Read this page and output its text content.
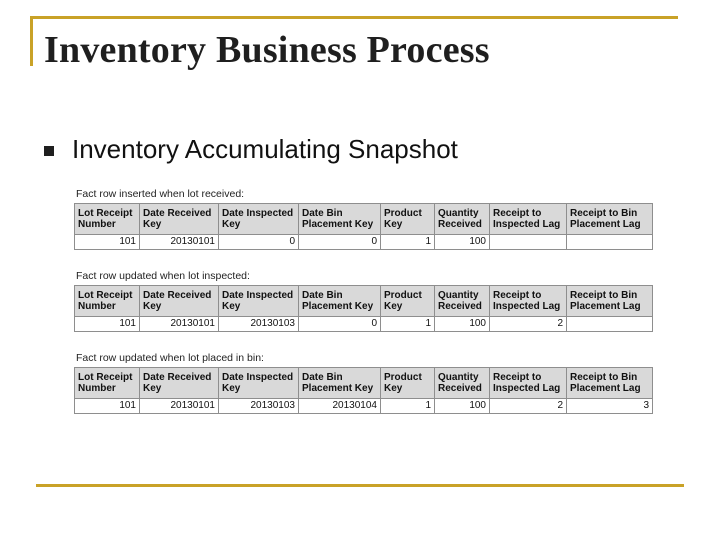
Inventory Business Process
Inventory Accumulating Snapshot
Fact row inserted when lot received:
Lot Receipt Number	Date Received Key	Date Inspected Key	Date Bin Placement Key	Product Key	Quantity Received	Receipt to Inspected Lag	Receipt to Bin Placement Lag
101	20130101	0	0	1	100		
Fact row updated when lot inspected:
Lot Receipt Number	Date Received Key	Date Inspected Key	Date Bin Placement Key	Product Key	Quantity Received	Receipt to Inspected Lag	Receipt to Bin Placement Lag
101	20130101	20130103	0	1	100	2	
Fact row updated when lot placed in bin:
Lot Receipt Number	Date Received Key	Date Inspected Key	Date Bin Placement Key	Product Key	Quantity Received	Receipt to Inspected Lag	Receipt to Bin Placement Lag
101	20130101	20130103	20130104	1	100	2	3
